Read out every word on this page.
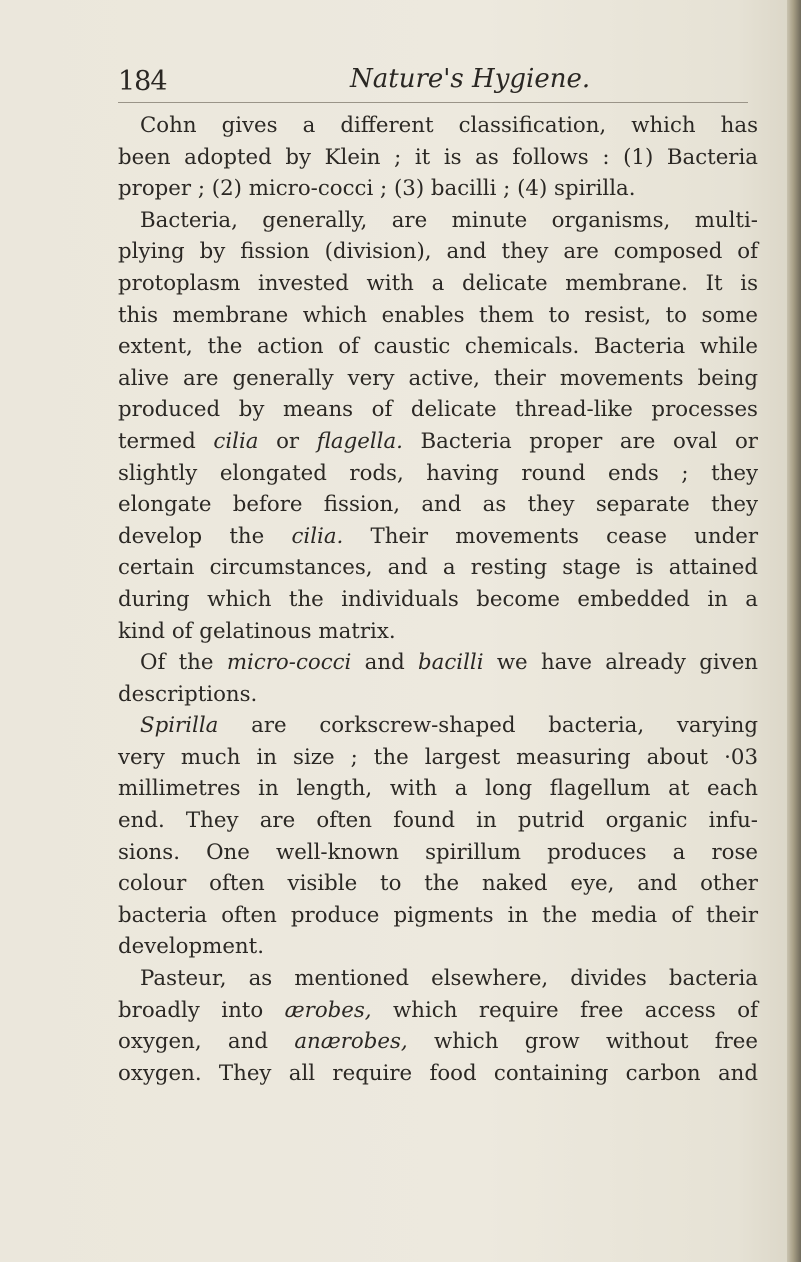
184	Nature's Hygiene.

Cohn gives a different classification, which has

been adopted by Klein ; it is as follows : (1) Bacteria

proper ; (2) micro-cocci ; (3) bacilli ; (4) spirilla.

Bacteria, generally, are minute organisms, multi-

plying by fission (division), and they are composed of

protoplasm invested with a delicate membrane. It is

this membrane which enables them to resist, to some

extent, the action of caustic chemicals. Bacteria while

alive are generally very active, their movements being

produced by means of delicate thread-like processes

termed cilia or flagella. Bacteria proper are oval or

slightly elongated rods, having round ends ; they

elongate before fission, and as they separate they

develop the cilia. Their movements cease under

certain circumstances, and a resting stage is attained

during which the individuals become embedded in a

kind of gelatinous matrix.

Of the micro-cocci and bacilli we have already given

descriptions.

Spirilla are corkscrew-shaped bacteria, varying

very much in size ; the largest measuring about ·03

millimetres in length, with a long flagellum at each

end. They are often found in putrid organic infu-

sions. One well-known spirillum produces a rose

colour often visible to the naked eye, and other

bacteria often produce pigments in the media of their

development.

Pasteur, as mentioned elsewhere, divides bacteria

broadly into ærobes, which require free access of

oxygen, and anærobes, which grow without free

oxygen. They all require food containing carbon and
